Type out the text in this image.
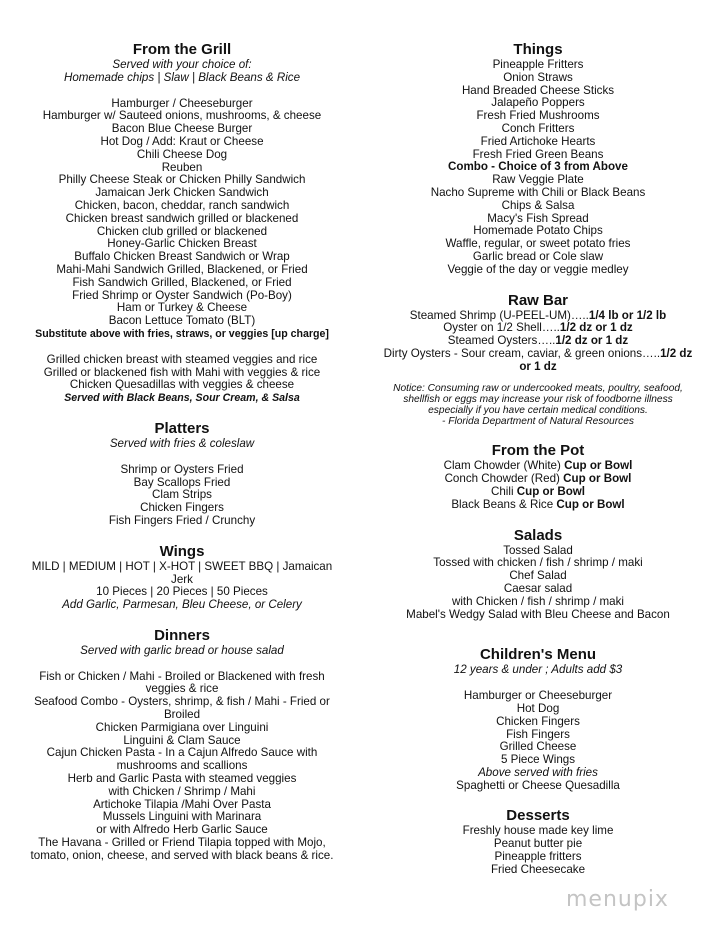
From the Grill
Served with your choice of:
Homemade chips | Slaw | Black Beans & Rice
Hamburger / Cheeseburger
Hamburger w/ Sauteed onions, mushrooms, & cheese
Bacon Blue Cheese Burger
Hot Dog / Add: Kraut or Cheese
Chili Cheese Dog
Reuben
Philly Cheese Steak or Chicken Philly Sandwich
Jamaican Jerk Chicken Sandwich
Chicken, bacon, cheddar, ranch sandwich
Chicken breast sandwich grilled or blackened
Chicken club grilled or blackened
Honey-Garlic Chicken Breast
Buffalo Chicken Breast Sandwich or Wrap
Mahi-Mahi Sandwich Grilled, Blackened, or Fried
Fish Sandwich Grilled, Blackened, or Fried
Fried Shrimp or Oyster Sandwich (Po-Boy)
Ham or Turkey & Cheese
Bacon Lettuce Tomato (BLT)
Substitute above with fries, straws, or veggies [up charge]
Grilled chicken breast with steamed veggies and rice
Grilled or blackened fish with Mahi with veggies & rice
Chicken Quesadillas with veggies & cheese
Served with Black Beans, Sour Cream, & Salsa
Platters
Served with fries & coleslaw
Shrimp or Oysters Fried
Bay Scallops Fried
Clam Strips
Chicken Fingers
Fish Fingers Fried / Crunchy
Wings
MILD | MEDIUM | HOT | X-HOT | SWEET BBQ | Jamaican
Jerk
10 Pieces | 20 Pieces | 50 Pieces
Add Garlic, Parmesan, Bleu Cheese, or Celery
Dinners
Served with garlic bread or house salad
Fish or Chicken / Mahi - Broiled or Blackened with fresh
veggies & rice
Seafood Combo - Oysters, shrimp, & fish / Mahi - Fried or
Broiled
Chicken Parmigiana over Linguini
Linguini & Clam Sauce
Cajun Chicken Pasta - In a Cajun Alfredo Sauce with
mushrooms and scallions
Herb and Garlic Pasta with steamed veggies
with Chicken / Shrimp / Mahi
Artichoke Tilapia /Mahi Over Pasta
Mussels Linguini with Marinara
or with Alfredo Herb Garlic Sauce
The Havana - Grilled or Friend Tilapia topped with Mojo,
tomato, onion, cheese, and served with black beans & rice.
Things
Pineapple Fritters
Onion Straws
Hand Breaded Cheese Sticks
Jalapeño Poppers
Fresh Fried Mushrooms
Conch Fritters
Fried Artichoke Hearts
Fresh Fried Green Beans
Combo - Choice of 3 from Above
Raw Veggie Plate
Nacho Supreme with Chili or Black Beans
Chips & Salsa
Macy's Fish Spread
Homemade Potato Chips
Waffle, regular, or sweet potato fries
Garlic bread or Cole slaw
Veggie of the day or veggie medley
Raw Bar
Steamed Shrimp (U-PEEL-UM)…..1/4 lb or 1/2 lb
Oyster on 1/2 Shell…..1/2 dz or 1 dz
Steamed Oysters…..1/2 dz or 1 dz
Dirty Oysters - Sour cream, caviar, & green onions…..1/2 dz
or 1 dz
Notice: Consuming raw or undercooked meats, poultry, seafood,
shellfish or eggs may increase your risk of foodborne illness
especially if you have certain medical conditions.
- Florida Department of Natural Resources
From the Pot
Clam Chowder (White) Cup or Bowl
Conch Chowder (Red) Cup or Bowl
Chili Cup or Bowl
Black Beans & Rice Cup or Bowl
Salads
Tossed Salad
Tossed with chicken / fish / shrimp / maki
Chef Salad
Caesar salad
with Chicken / fish / shrimp / maki
Mabel's Wedgy Salad with Bleu Cheese and Bacon
Children's Menu
12 years & under ; Adults add $3
Hamburger or Cheeseburger
Hot Dog
Chicken Fingers
Fish Fingers
Grilled Cheese
5 Piece Wings
Above served with fries
Spaghetti or Cheese Quesadilla
Desserts
Freshly house made key lime
Peanut butter pie
Pineapple fritters
Fried Cheesecake
menupix
